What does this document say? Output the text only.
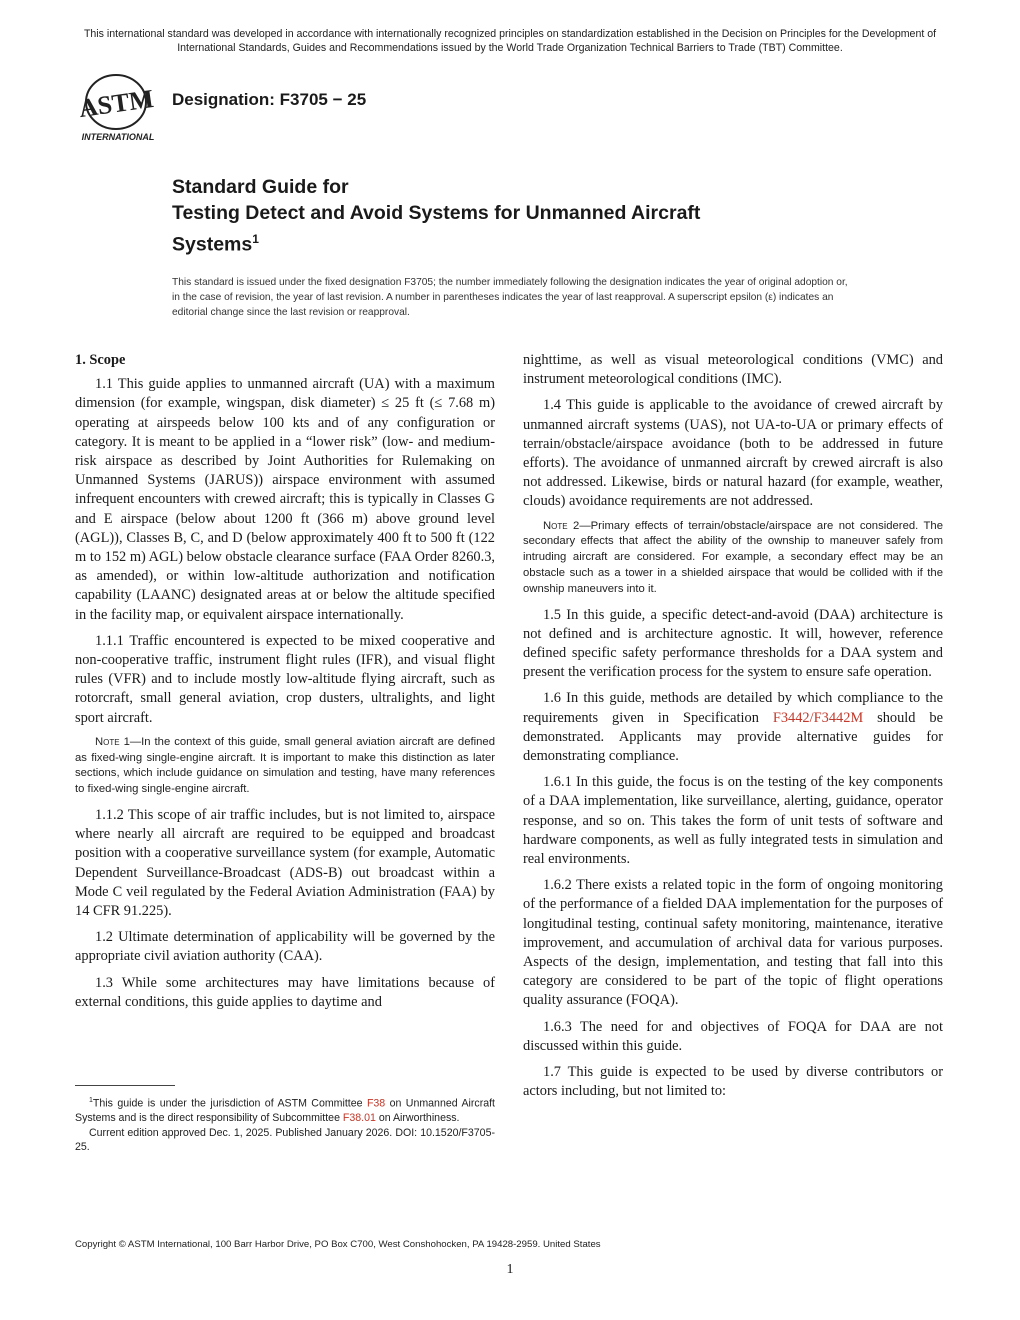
This international standard was developed in accordance with internationally recognized principles on standardization established in the Decision on Principles for the Development of International Standards, Guides and Recommendations issued by the World Trade Organization Technical Barriers to Trade (TBT) Committee.
ASTM
INTERNATIONAL
Designation: F3705 − 25
Standard Guide for
Testing Detect and Avoid Systems for Unmanned Aircraft
Systems$^1$
This standard is issued under the fixed designation F3705; the number immediately following the designation indicates the year of original adoption or, in the case of revision, the year of last revision. A number in parentheses indicates the year of last reapproval. A superscript epsilon (ε) indicates an editorial change since the last revision or reapproval.
1. Scope

1.1 This guide applies to unmanned aircraft (UA) with a maximum dimension (for example, wingspan, disk diameter) ≤ 25 ft (≤ 7.68 m) operating at airspeeds below 100 kts and of any configuration or category. It is meant to be applied in a “lower risk” (low- and medium-risk airspace as described by Joint Authorities for Rulemaking on Unmanned Systems (JARUS)) airspace environment with assumed infrequent encounters with crewed aircraft; this is typically in Classes G and E airspace (below about 1200 ft (366 m) above ground level (AGL)), Classes B, C, and D (below approximately 400 ft to 500 ft (122 m to 152 m) AGL) below obstacle clearance surface (FAA Order 8260.3, as amended), or within low-altitude authorization and notification capability (LAANC) designated areas at or below the altitude specified in the facility map, or equivalent airspace internationally.

1.1.1 Traffic encountered is expected to be mixed cooperative and non-cooperative traffic, instrument flight rules (IFR), and visual flight rules (VFR) and to include mostly low-altitude flying aircraft, such as rotorcraft, small general aviation, crop dusters, ultralights, and light sport aircraft.

Note 1—In the context of this guide, small general aviation aircraft are defined as fixed-wing single-engine aircraft. It is important to make this distinction as later sections, which include guidance on simulation and testing, have many references to fixed-wing single-engine aircraft.

1.1.2 This scope of air traffic includes, but is not limited to, airspace where nearly all aircraft are required to be equipped and broadcast position with a cooperative surveillance system (for example, Automatic Dependent Surveillance-Broadcast (ADS-B) out broadcast within a Mode C veil regulated by the Federal Aviation Administration (FAA) by 14 CFR 91.225).

1.2 Ultimate determination of applicability will be governed by the appropriate civil aviation authority (CAA).

1.3 While some architectures may have limitations because of external conditions, this guide applies to daytime and

nighttime, as well as visual meteorological conditions (VMC) and instrument meteorological conditions (IMC).

1.4 This guide is applicable to the avoidance of crewed aircraft by unmanned aircraft systems (UAS), not UA-to-UA or primary effects of terrain/obstacle/airspace avoidance (both to be addressed in future efforts). The avoidance of unmanned aircraft by crewed aircraft is also not addressed. Likewise, birds or natural hazard (for example, weather, clouds) avoidance requirements are not addressed.

Note 2—Primary effects of terrain/obstacle/airspace are not considered. The secondary effects that affect the ability of the ownship to maneuver safely from intruding aircraft are considered. For example, a secondary effect may be an obstacle such as a tower in a shielded airspace that would be collided with if the ownship maneuvers into it.

1.5 In this guide, a specific detect-and-avoid (DAA) architecture is not defined and is architecture agnostic. It will, however, reference defined specific safety performance thresholds for a DAA system and present the verification process for the system to ensure safe operation.

1.6 In this guide, methods are detailed by which compliance to the requirements given in Specification F3442/F3442M should be demonstrated. Applicants may provide alternative guides for demonstrating compliance.

1.6.1 In this guide, the focus is on the testing of the key components of a DAA implementation, like surveillance, alerting, guidance, operator response, and so on. This takes the form of unit tests of software and hardware components, as well as fully integrated tests in simulation and real environments.

1.6.2 There exists a related topic in the form of ongoing monitoring of the performance of a fielded DAA implementation for the purposes of longitudinal testing, continual safety monitoring, maintenance, iterative improvement, and accumulation of archival data for various purposes. Aspects of the design, implementation, and testing that fall into this category are considered to be part of the topic of flight operations quality assurance (FOQA).

1.6.3 The need for and objectives of FOQA for DAA are not discussed within this guide.

1.7 This guide is expected to be used by diverse contributors or actors including, but not limited to:

$^1$This guide is under the jurisdiction of ASTM Committee F38 on Unmanned Aircraft Systems and is the direct responsibility of Subcommittee F38.01 on Airworthiness.

Current edition approved Dec. 1, 2025. Published January 2026. DOI: 10.1520/F3705-25.

Copyright © ASTM International, 100 Barr Harbor Drive, PO Box C700, West Conshohocken, PA 19428-2959. United States
1
